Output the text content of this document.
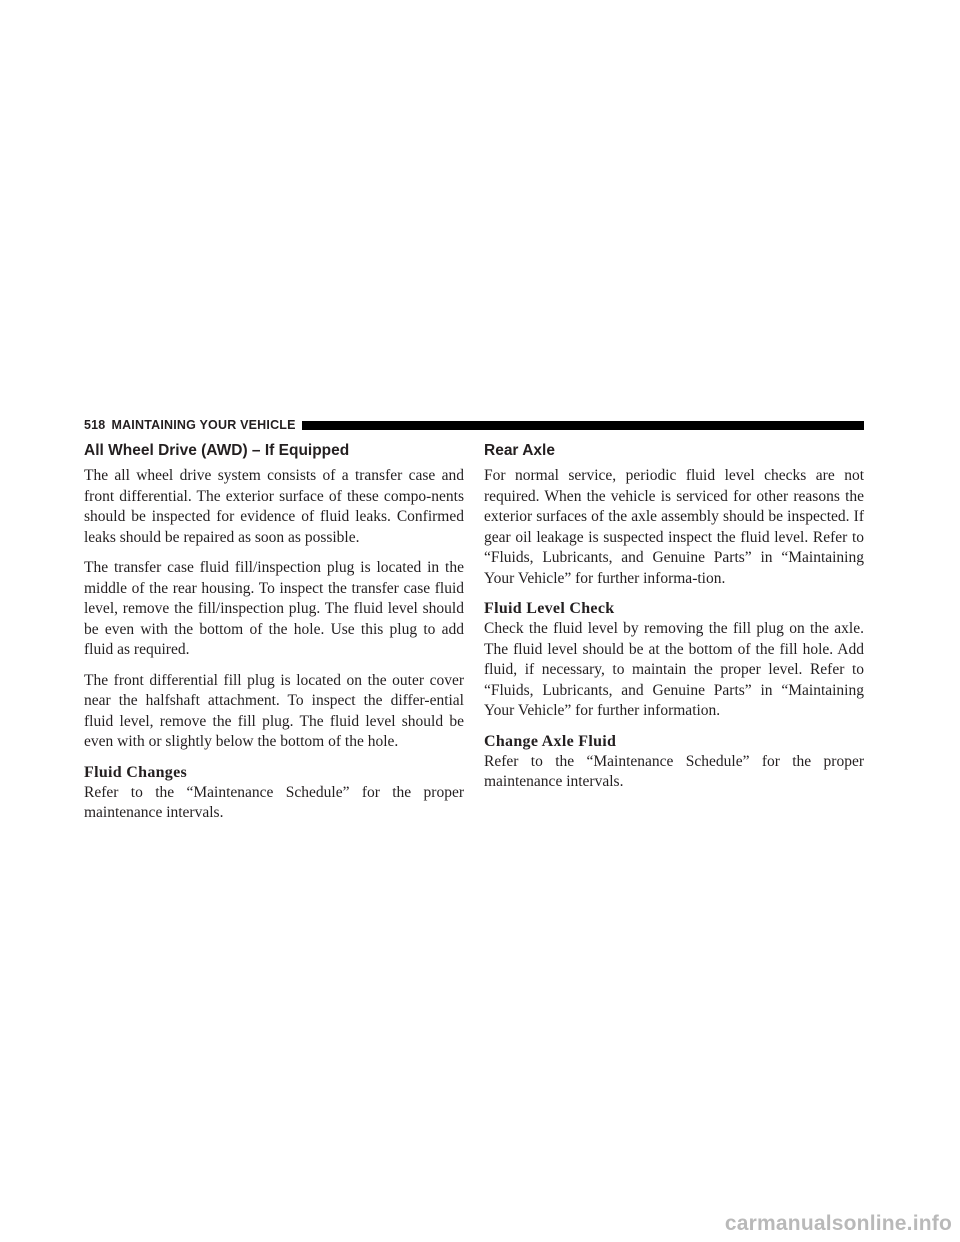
518 MAINTAINING YOUR VEHICLE
All Wheel Drive (AWD) – If Equipped

The all wheel drive system consists of a transfer case and front differential. The exterior surface of these compo-nents should be inspected for evidence of fluid leaks. Confirmed leaks should be repaired as soon as possible.

The transfer case fluid fill/inspection plug is located in the middle of the rear housing. To inspect the transfer case fluid level, remove the fill/inspection plug. The fluid level should be even with the bottom of the hole. Use this plug to add fluid as required.

The front differential fill plug is located on the outer cover near the halfshaft attachment. To inspect the differ-ential fluid level, remove the fill plug. The fluid level should be even with or slightly below the bottom of the hole.

Fluid Changes

Refer to the “Maintenance Schedule” for the proper maintenance intervals.

Rear Axle

For normal service, periodic fluid level checks are not required. When the vehicle is serviced for other reasons the exterior surfaces of the axle assembly should be inspected. If gear oil leakage is suspected inspect the fluid level. Refer to “Fluids, Lubricants, and Genuine Parts” in “Maintaining Your Vehicle” for further informa-tion.

Fluid Level Check

Check the fluid level by removing the fill plug on the axle. The fluid level should be at the bottom of the fill hole. Add fluid, if necessary, to maintain the proper level. Refer to “Fluids, Lubricants, and Genuine Parts” in “Maintaining Your Vehicle” for further information.

Change Axle Fluid

Refer to the “Maintenance Schedule” for the proper maintenance intervals.

carmanualsonline.info
